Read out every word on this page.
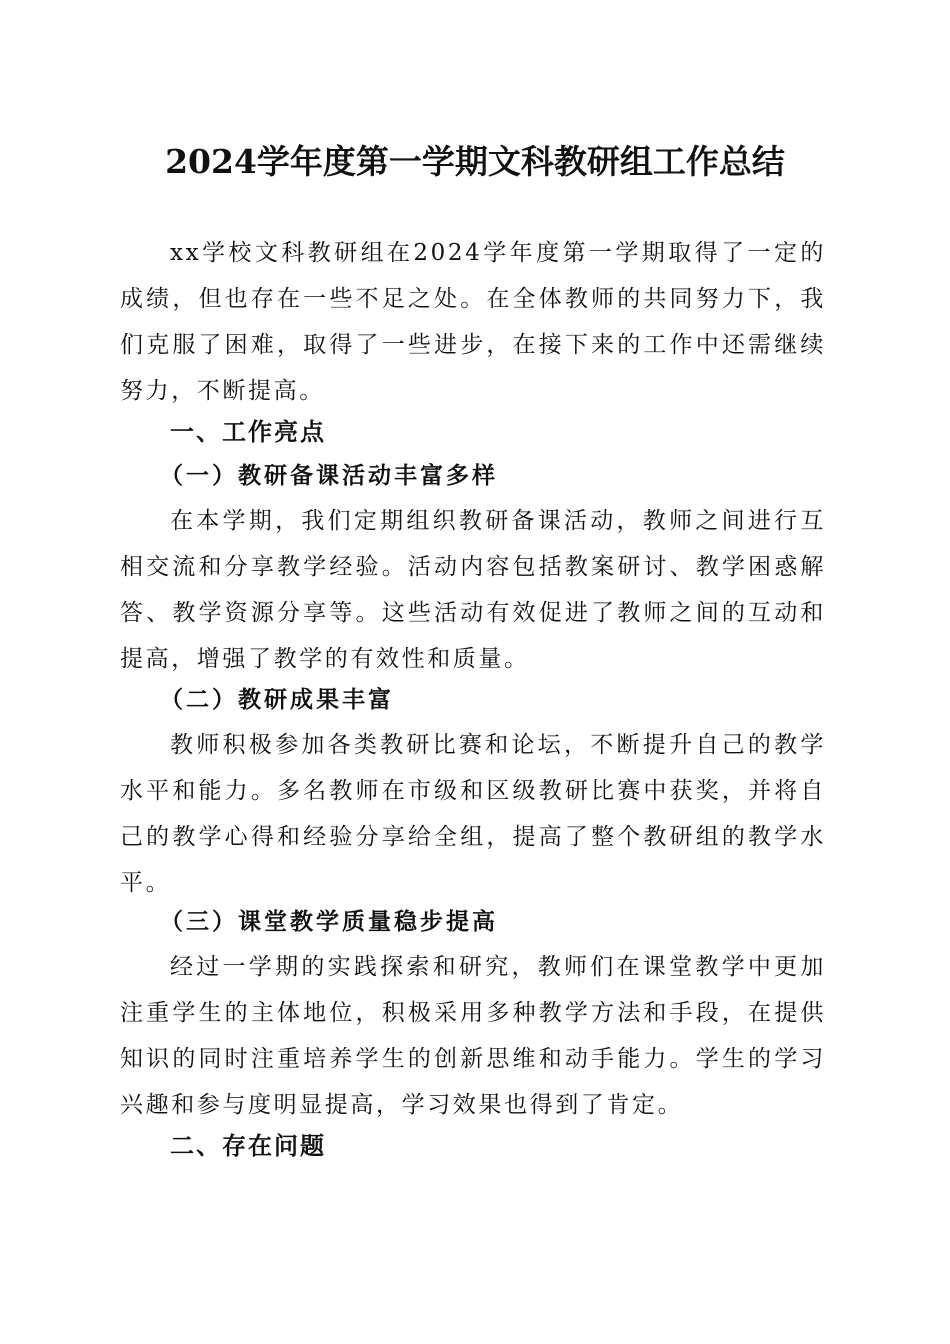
2024学年度第一学期文科教研组工作总结

xx学校文科教研组在2024学年度第一学期取得了一定的成绩，但也存在一些不足之处。在全体教师的共同努力下，我们克服了困难，取得了一些进步，在接下来的工作中还需继续努力，不断提高。

一、工作亮点
（一）教研备课活动丰富多样

在本学期，我们定期组织教研备课活动，教师之间进行互相交流和分享教学经验。活动内容包括教案研讨、教学困惑解答、教学资源分享等。这些活动有效促进了教师之间的互动和提高，增强了教学的有效性和质量。

（二）教研成果丰富

教师积极参加各类教研比赛和论坛，不断提升自己的教学水平和能力。多名教师在市级和区级教研比赛中获奖，并将自己的教学心得和经验分享给全组，提高了整个教研组的教学水平。

（三）课堂教学质量稳步提高

经过一学期的实践探索和研究，教师们在课堂教学中更加注重学生的主体地位，积极采用多种教学方法和手段，在提供知识的同时注重培养学生的创新思维和动手能力。学生的学习兴趣和参与度明显提高，学习效果也得到了肯定。

二、存在问题
